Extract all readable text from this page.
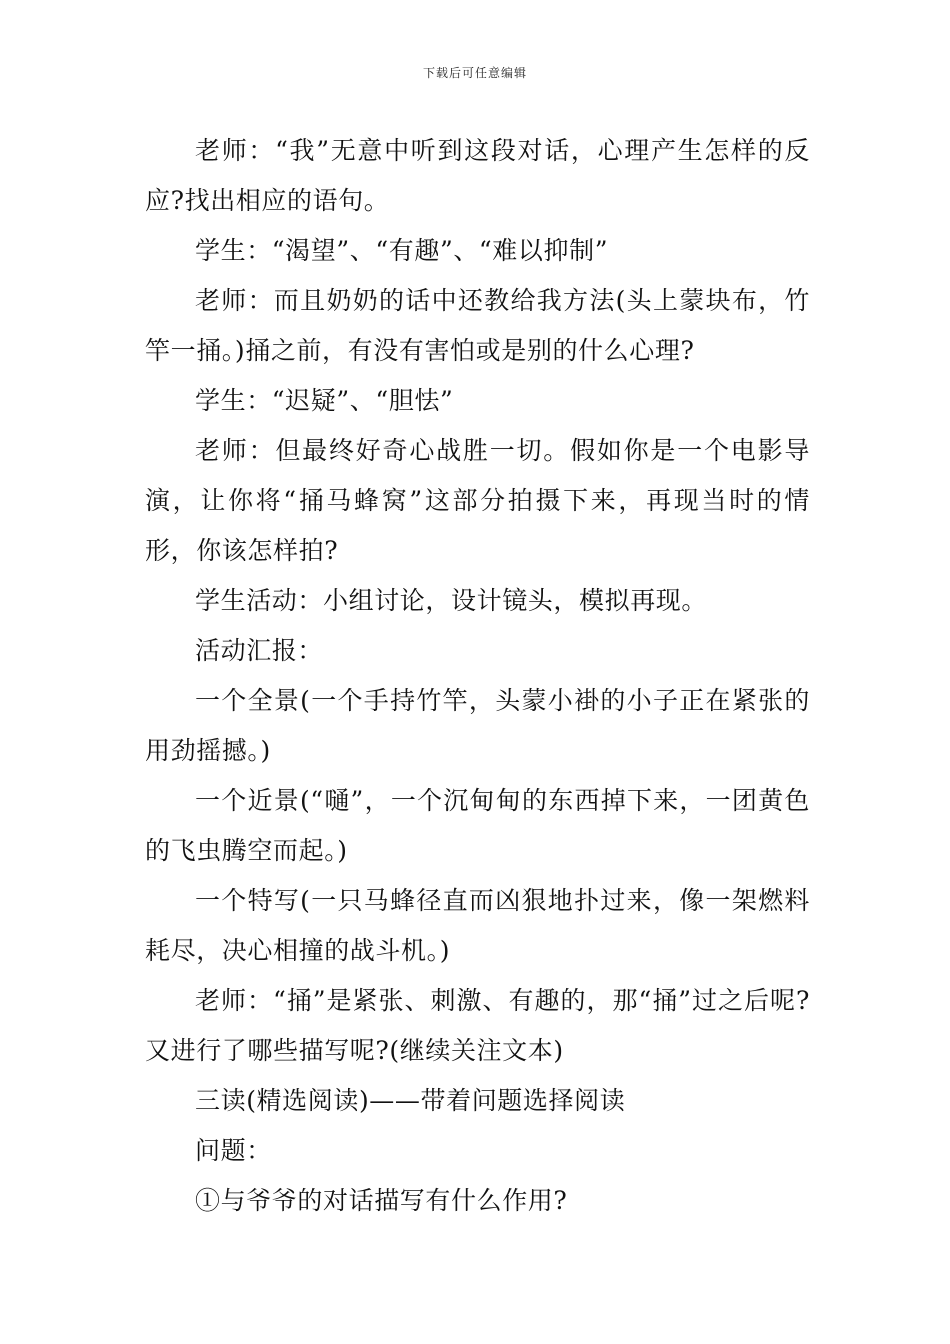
下载后可任意编辑

老师：“我”无意中听到这段对话，心理产生怎样的反应?找出相应的语句。

学生：“渴望”、“有趣”、“难以抑制”

老师：而且奶奶的话中还教给我方法(头上蒙块布，竹竿一捅。)捅之前，有没有害怕或是别的什么心理?

学生：“迟疑”、“胆怯”

老师：但最终好奇心战胜一切。假如你是一个电影导演，让你将“捅马蜂窝”这部分拍摄下来，再现当时的情形，你该怎样拍?

学生活动：小组讨论，设计镜头，模拟再现。

活动汇报：

一个全景(一个手持竹竿，头蒙小褂的小子正在紧张的用劲摇撼。)

一个近景(“嗵”，一个沉甸甸的东西掉下来，一团黄色的飞虫腾空而起。)

一个特写(一只马蜂径直而凶狠地扑过来，像一架燃料耗尽，决心相撞的战斗机。)

老师：“捅”是紧张、刺激、有趣的，那“捅”过之后呢?又进行了哪些描写呢?(继续关注文本)

三读(精选阅读)——带着问题选择阅读

问题：

①与爷爷的对话描写有什么作用?
